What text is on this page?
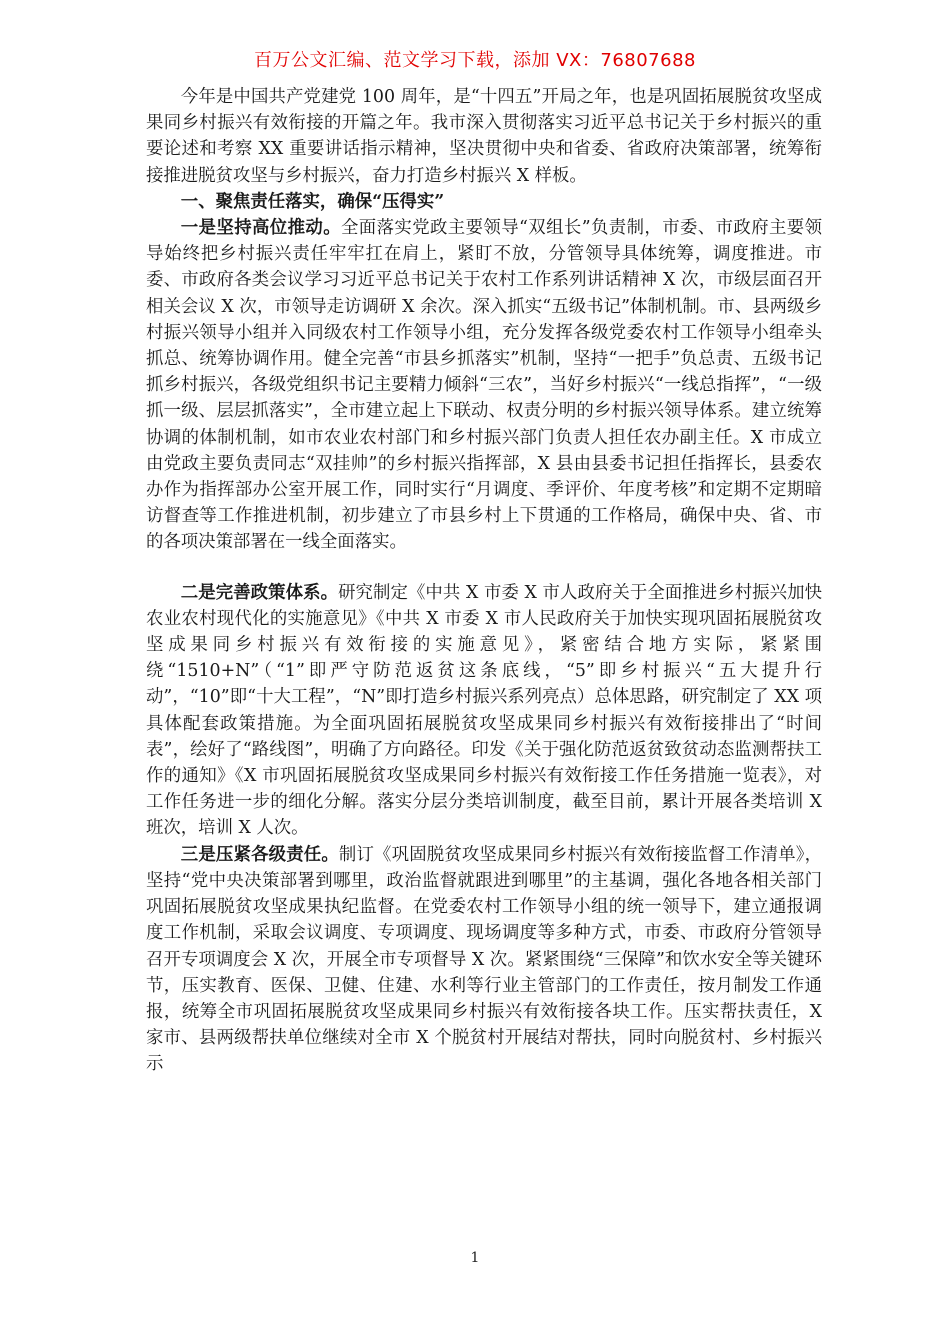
百万公文汇编、范文学习下载，添加 VX：76807688

今年是中国共产党建党 100 周年，是“十四五”开局之年，也是巩固拓展脱贫攻坚成果同乡村振兴有效衔接的开篇之年。我市深入贯彻落实习近平总书记关于乡村振兴的重要论述和考察 XX 重要讲话指示精神，坚决贯彻中央和省委、省政府决策部署，统筹衔接推进脱贫攻坚与乡村振兴，奋力打造乡村振兴 X 样板。

一、聚焦责任落实，确保“压得实”

一是坚持高位推动。全面落实党政主要领导“双组长”负责制，市委、市政府主要领导始终把乡村振兴责任牢牢扛在肩上，紧盯不放，分管领导具体统筹，调度推进。市委、市政府各类会议学习习近平总书记关于农村工作系列讲话精神 X 次，市级层面召开相关会议 X 次，市领导走访调研 X 余次。深入抓实“五级书记”体制机制。市、县两级乡村振兴领导小组并入同级农村工作领导小组，充分发挥各级党委农村工作领导小组牵头抓总、统筹协调作用。健全完善“市县乡抓落实”机制，坚持“一把手”负总责、五级书记抓乡村振兴，各级党组织书记主要精力倾斜“三农”，当好乡村振兴“一线总指挥”，“一级抓一级、层层抓落实”，全市建立起上下联动、权责分明的乡村振兴领导体系。建立统筹协调的体制机制，如市农业农村部门和乡村振兴部门负责人担任农办副主任。X 市成立由党政主要负责同志“双挂帅”的乡村振兴指挥部，X 县由县委书记担任指挥长，县委农办作为指挥部办公室开展工作，同时实行“月调度、季评价、年度考核”和定期不定期暗访督查等工作推进机制，初步建立了市县乡村上下贯通的工作格局，确保中央、省、市的各项决策部署在一线全面落实。

二是完善政策体系。研究制定《中共 X 市委 X 市人政府关于全面推进乡村振兴加快农业农村现代化的实施意见》《中共 X 市委 X 市人民政府关于加快实现巩固拓展脱贫攻坚成果同乡村振兴有效衔接的实施意见》，紧密结合地方实际，紧紧围绕“1510+N”（“1”即严守防范返贫这条底线，“5”即乡村振兴“五大提升行动”，“10”即“十大工程”，“N”即打造乡村振兴系列亮点）总体思路，研究制定了 XX 项具体配套政策措施。为全面巩固拓展脱贫攻坚成果同乡村振兴有效衔接排出了“时间表”，绘好了“路线图”，明确了方向路径。印发《关于强化防范返贫致贫动态监测帮扶工作的通知》《X 市巩固拓展脱贫攻坚成果同乡村振兴有效衔接工作任务措施一览表》，对工作任务进一步的细化分解。落实分层分类培训制度，截至目前，累计开展各类培训 X 班次，培训 X 人次。

三是压紧各级责任。制订《巩固脱贫攻坚成果同乡村振兴有效衔接监督工作清单》，坚持“党中央决策部署到哪里，政治监督就跟进到哪里”的主基调，强化各地各相关部门巩固拓展脱贫攻坚成果执纪监督。在党委农村工作领导小组的统一领导下，建立通报调度工作机制，采取会议调度、专项调度、现场调度等多种方式，市委、市政府分管领导召开专项调度会 X 次，开展全市专项督导 X 次。紧紧围绕“三保障”和饮水安全等关键环节，压实教育、医保、卫健、住建、水利等行业主管部门的工作责任，按月制发工作通报，统筹全市巩固拓展脱贫攻坚成果同乡村振兴有效衔接各块工作。压实帮扶责任，X 家市、县两级帮扶单位继续对全市 X 个脱贫村开展结对帮扶，同时向脱贫村、乡村振兴示

1
